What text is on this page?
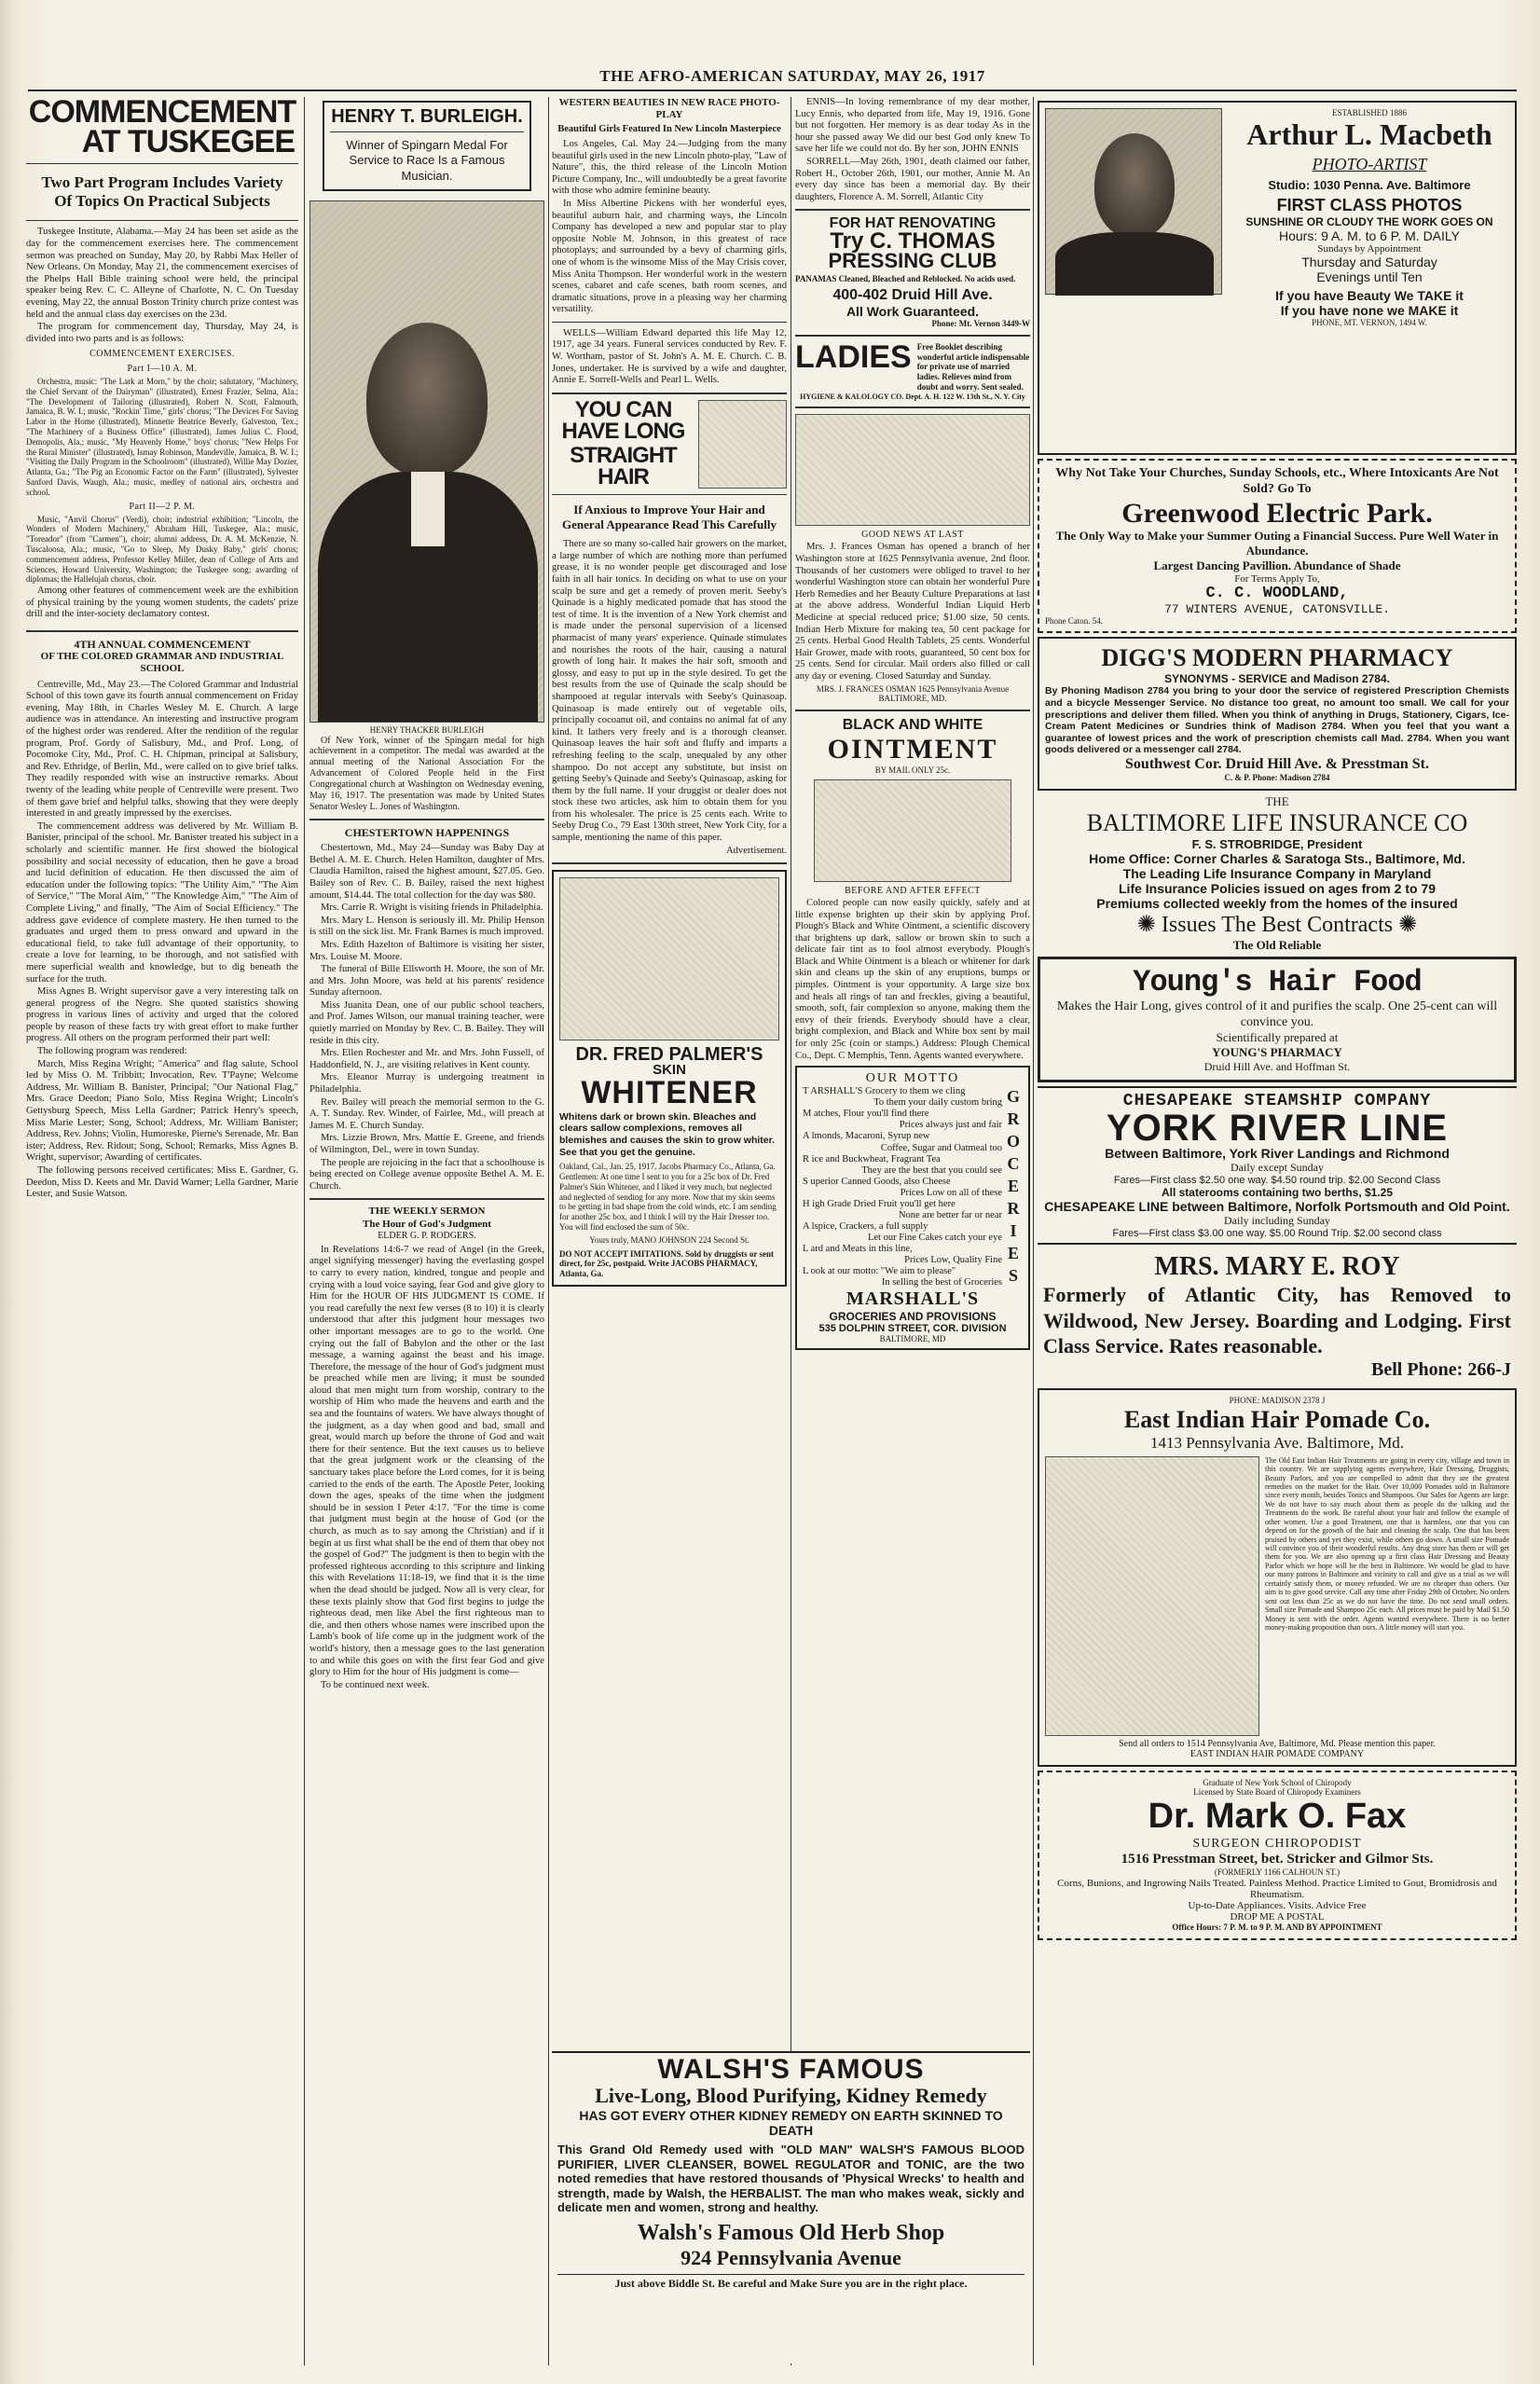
THE AFRO-AMERICAN SATURDAY, MAY 26, 1917
COMMENCEMENT
AT TUSKEGEE
Two Part Program Includes Variety Of Topics On Practical Subjects

Tuskegee Institute, Alabama.—May 24 has been set aside as the day for the commencement exercises here. The commencement sermon was preached on Sunday, May 20, by Rabbi Max Heller of New Orleans. On Monday, May 21, the commencement exercises of the Phelps Hall Bible training school were held, the principal speaker being Rev. C. C. Alleyne of Charlotte, N. C. On Tuesday evening, May 22, the annual Boston Trinity church prize contest was held and the annual class day exercises on the 23d.

The program for commencement day, Thursday, May 24, is divided into two parts and is as follows:

COMMENCEMENT EXERCISES.
Part I—10 A. M.

Orchestra, music: "The Lark at Morn," by the choir; salutatory, "Machinery, the Chief Servant of the Dairyman" (illustrated), Ernest Frazier, Selma, Ala.; "The Development of Tailoring (illustrated), Robert N. Scott, Falmouth, Jamaica, B. W. I.; music, "Rockin' Time," girls' chorus; "The Devices For Saving Labor in the Home (illustrated), Minnette Beatrice Beverly, Galveston, Tex.; "The Machinery of a Business Office" (illustrated), James Julius C. Flood, Demopolis, Ala.; music, "My Heavenly Home," boys' chorus; "New Helps For the Rural Minister" (illustrated), Ismay Robinson, Mandeville, Jamaica, B. W. I.; "Visiting the Daily Program in the Schoolroom" (illustrated), Willie May Dozier, Atlanta, Ga.; "The Pig an Economic Factor on the Farm" (illustrated), Sylvester Sanford Davis, Waugh, Ala.; music, medley of national airs, orchestra and school.

Part II—2 P. M.

Music, "Anvil Chorus" (Verdi), choir; industrial exhibition; "Lincoln, the Wonders of Modern Machinery," Abraham Hill, Tuskegee, Ala.; music, "Toreador" (from "Carmen"), choir; alumni address, Dr. A. M. McKenzie, N. Tuscaloosa, Ala.; music, "Go to Sleep, My Dusky Baby," girls' chorus; commencement address, Professor Kelley Miller, dean of College of Arts and Sciences, Howard University, Washington; the Tuskegee song; awarding of diplomas; the Hallelujah chorus, choir.

Among other features of commencement week are the exhibition of physical training by the young women students, the cadets' prize drill and the inter-society declamatory contest.

4TH ANNUAL COMMENCEMENT
OF THE COLORED GRAMMAR AND INDUSTRIAL SCHOOL

Centreville, Md., May 23.—The Colored Grammar and Industrial School of this town gave its fourth annual commencement on Friday evening, May 18th, in Charles Wesley M. E. Church. A large audience was in attendance. An interesting and instructive program of the highest order was rendered. After the rendition of the regular program, Prof. Gordy of Salisbury, Md., and Prof. Long, of Pocomoke City, Md., Prof. C. H. Chipman, principal at Salisbury, and Rev. Ethridge, of Berlin, Md., were called on to give brief talks. They readily responded with wise an instructive remarks. About twenty of the leading white people of Centreville were present. Two of them gave brief and helpful talks, showing that they were deeply interested in and greatly impressed by the exercises.

The commencement address was delivered by Mr. William B. Banister, principal of the school. Mr. Banister treated his subject in a scholarly and scientific manner. He first showed the biological possibility and social necessity of education, then he gave a broad and lucid definition of education. He then discussed the aim of education under the following topics: "The Utility Aim," "The Aim of Service," "The Moral Aim," "The Knowledge Aim," "The Aim of Complete Living," and finally, "The Aim of Social Efficiency." The address gave evidence of complete mastery. He then turned to the graduates and urged them to press onward and upward in the educational field, to take full advantage of their opportunity, to create a love for learning, to be thorough, and not satisfied with mere superficial wealth and knowledge, but to dig beneath the surface for the truth.

Miss Agnes B. Wright supervisor gave a very interesting talk on general progress of the Negro. She quoted statistics showing progress in various lines of activity and urged that the colored people by reason of these facts try with great effort to make further progress. All others on the program performed their part well:

The following program was rendered:

March, Miss Regina Wright; "America" and flag salute, School led by Miss O. M. Tribbitt; Invocation, Rev. T'Payne; Welcome Address, Mr. William B. Banister, Principal; "Our National Flag," Mrs. Grace Deedon; Piano Solo, Miss Regina Wright; Lincoln's Gettysburg Speech, Miss Lella Gardner; Patrick Henry's speech, Miss Marie Lester; Song, School; Address, Mr. William Banister; Address, Rev. Johns; Violin, Humoreske, Pierne's Serenade, Mr. Ban ister; Address, Rev. Ridout; Song, School; Remarks, Miss Agnes B. Wright, supervisor; Awarding of certificates.

The following persons received certificates: Miss E. Gardner, G. Deedon, Miss D. Keets and Mr. David Warner; Lella Gardner, Marie Lester, and Susie Watson.

HENRY T. BURLEIGH.
Winner of Spingarn Medal For Service to Race Is a Famous Musician.
HENRY THACKER BURLEIGH

Of New York, winner of the Spingarn medal for high achievement in a competitor. The medal was awarded at the annual meeting of the National Association For the Advancement of Colored People held in the First Congregational church at Washington on Wednesday evening, May 16, 1917. The presentation was made by United States Senator Wesley L. Jones of Washington.

CHESTERTOWN HAPPENINGS

Chestertown, Md., May 24—Sunday was Baby Day at Bethel A. M. E. Church. Helen Hamilton, daughter of Mrs. Claudia Hamilton, raised the highest amount, $27.05. Geo. Bailey son of Rev. C. B. Bailey, raised the next highest amount, $14.44. The total collection for the day was $80.

Mrs. Carrie R. Wright is visiting friends in Philadelphia.

Mrs. Mary L. Henson is seriously ill. Mr. Philip Henson is still on the sick list. Mr. Frank Barnes is much improved.

Mrs. Edith Hazelton of Baltimore is visiting her sister, Mrs. Louise M. Moore.

The funeral of Bille Ellsworth H. Moore, the son of Mr. and Mrs. John Moore, was held at his parents' residence Sunday afternoon.

Miss Juanita Dean, one of our public school teachers, and Prof. James Wilson, our manual training teacher, were quietly married on Monday by Rev. C. B. Bailey. They will reside in this city.

Mrs. Ellen Rochester and Mr. and Mrs. John Fussell, of Haddonfield, N. J., are visiting relatives in Kent county.

Mrs. Eleanor Murray is undergoing treatment in Philadelphia.

Rev. Bailey will preach the memorial sermon to the G. A. T. Sunday. Rev. Winder, of Fairlee, Md., will preach at James M. E. Church Sunday.

Mrs. Lizzie Brown, Mrs. Mattie E. Greene, and friends of Wilmington, Del., were in town Sunday.

The people are rejoicing in the fact that a schoolhouse is being erected on College avenue opposite Bethel A. M. E. Church.

THE WEEKLY SERMON
The Hour of God's Judgment
ELDER G. P. RODGERS.

In Revelations 14:6-7 we read of Angel (in the Greek, angel signifying messenger) having the everlasting gospel to carry to every nation, kindred, tongue and people and crying with a loud voice saying, fear God and give glory to Him for the HOUR OF HIS JUDGMENT IS COME. If you read carefully the next few verses (8 to 10) it is clearly understood that after this judgment hour messages two other important messages are to go to the world. One crying out the fall of Babylon and the other or the last message, a warning against the beast and his image. Therefore, the message of the hour of God's judgment must be preached while men are living; it must be sounded aloud that men might turn from worship, contrary to the worship of Him who made the heavens and earth and the sea and the fountains of waters. We have always thought of the judgment, as a day when good and bad, small and great, would march up before the throne of God and wait there for their sentence. But the text causes us to believe that the great judgment work or the cleansing of the sanctuary takes place before the Lord comes, for it is being carried to the ends of the earth. The Apostle Peter, looking down the ages, speaks of the time when the judgment should be in session I Peter 4:17. "For the time is come that judgment must begin at the house of God (or the church, as much as to say among the Christian) and if it begin at us first what shall be the end of them that obey not the gospel of God?" The judgment is then to begin with the professed righteous according to this scripture and linking this with Revelations 11:18-19, we find that it is the time when the dead should be judged. Now all is very clear, for these texts plainly show that God first begins to judge the righteous dead, men like Abel the first righteous man to die, and then others whose names were inscribed upon the Lamb's book of life come up in the judgment work of the world's history, then a message goes to the last generation to and while this goes on with the first fear God and give glory to Him for the hour of His judgment is come—

To be continued next week.

WESTERN BEAUTIES IN NEW RACE PHOTO-PLAY
Beautiful Girls Featured In New Lincoln Masterpiece

Los Angeles, Cal. May 24.—Judging from the many beautiful girls used in the new Lincoln photo-play, "Law of Nature", this, the third release of the Lincoln Motion Picture Company, Inc., will undoubtedly be a great favorite with those who admire feminine beauty.

In Miss Albertine Pickens with her wonderful eyes, beautiful auburn hair, and charming ways, the Lincoln Company has developed a new and popular star to play opposite Noble M. Johnson, in this greatest of race photoplays; and surrounded by a bevy of charming girls, one of whom is the winsome Miss of the May Crisis cover, Miss Anita Thompson. Her wonderful work in the western scenes, cabaret and cafe scenes, bath room scenes, and dramatic situations, prove in a pleasing way her charming versatility.

WELLS—William Edward departed this life May 12, 1917, age 34 years. Funeral services conducted by Rev. F. W. Wortham, pastor of St. John's A. M. E. Church. C. B. Jones, undertaker. He is survived by a wife and daughter, Annie E. Sorrell-Wells and Pearl L. Wells.

YOU CAN HAVE LONG
STRAIGHT HAIR
If Anxious to Improve Your Hair and General Appearance Read This Carefully

There are so many so-called hair growers on the market, a large number of which are nothing more than perfumed grease, it is no wonder people get discouraged and lose faith in all hair tonics. In deciding on what to use on your scalp be sure and get a remedy of proven merit. Seeby's Quinade is a highly medicated pomade that has stood the test of time. It is the invention of a New York chemist and is made under the personal supervision of a licensed pharmacist of many years' experience. Quinade stimulates and nourishes the roots of the hair, causing a natural growth of long hair. It makes the hair soft, smooth and glossy, and easy to put up in the style desired. To get the best results from the use of Quinade the scalp should be shampooed at regular intervals with Seeby's Quinasoap. Quinasoap is made entirely out of vegetable oils, principally cocoanut oil, and contains no animal fat of any kind. It lathers very freely and is a thorough cleanser. Quinasoap leaves the hair soft and fluffy and imparts a refreshing feeling to the scalp, unequaled by any other shampoo. Do not accept any substitute, but insist on getting Seeby's Quinade and Seeby's Quinasoap, asking for them by the full name. If your druggist or dealer does not stock these two articles, ask him to obtain them for you from his wholesaler. The price is 25 cents each. Write to Seeby Drug Co., 79 East 130th street, New York City, for a sample, mentioning the name of this paper.

Advertisement.
DR. FRED PALMER'S
SKIN
WHITENER
Whitens dark or brown skin. Bleaches and clears sallow complexions, removes all blemishes and causes the skin to grow whiter. See that you get the genuine.
Oakland, Cal., Jan. 25, 1917. Jacobs Pharmacy Co., Atlanta, Ga. Gentlemen: At one time I sent to you for a 25c box of Dr. Fred Palmer's Skin Whitener, and I liked it very much, but neglected and neglected of sending for any more. Now that my skin seems to be getting in bad shape from the cold winds, etc. I am sending for another 25c box, and I think I will try the Hair Dresser too. You will find enclosed the sum of 50c.
Yours truly, MANO JOHNSON 224 Second St.
DO NOT ACCEPT IMITATIONS. Sold by druggists or sent direct, for 25c, postpaid. Write JACOBS PHARMACY, Atlanta, Ga.

ENNIS—In loving remembrance of my dear mother, Lucy Ennis, who departed from life, May 19, 1916. Gone but not forgotten. Her memory is as dear today As in the hour she passed away We did our best God only knew To save her life we could not do. By her son, JOHN ENNIS

SORRELL—May 26th, 1901, death claimed our father, Robert H., October 26th, 1901, our mother, Annie M. An every day since has been a memorial day. By their daughters, Florence A. M. Sorrell, Atlantic City

FOR HAT RENOVATING
Try C. THOMAS
PRESSING CLUB
PANAMAS Cleaned, Bleached and Reblocked. No acids used.
400-402 Druid Hill Ave.
All Work Guaranteed.
Phone: Mt. Vernon 3449-W
LADIES Free Booklet describing wonderful article indispensable for private use of married ladies. Relieves mind from doubt and worry. Sent sealed.
HYGIENE & KALOLOGY CO. Dept. A. H. 122 W. 13th St., N. Y. City
GOOD NEWS AT LAST

Mrs. J. Frances Osman has opened a branch of her Washington store at 1625 Pennsylvania avenue, 2nd floor. Thousands of her customers were obliged to travel to her wonderful Washington store can obtain her wonderful Pure Herb Remedies and her Beauty Culture Preparations at last at the above address. Wonderful Indian Liquid Herb Medicine at special reduced price; $1.00 size, 50 cents. Indian Herb Mixture for making tea, 50 cent package for 25 cents. Herbal Good Health Tablets, 25 cents. Wonderful Hair Grower, made with roots, guaranteed, 50 cent box for 25 cents. Send for circular. Mail orders also filled or call any day or evening. Closed Saturday and Sunday.

MRS. J. FRANCES OSMAN 1625 Pennsylvania Avenue BALTIMORE, MD.
BLACK AND WHITE
OINTMENT
BY MAIL ONLY 25c.
BEFORE AND AFTER EFFECT

Colored people can now easily quickly, safely and at little expense brighten up their skin by applying Prof. Plough's Black and White Ointment, a scientific discovery that brightens up dark, sallow or brown skin to such a delicate fair tint as to fool almost everybody. Plough's Black and White Ointment is a bleach or whitener for dark skin and cleans up the skin of any eruptions, bumps or pimples. Ointment is your opportunity. A large size box and heals all rings of tan and freckles, giving a beautiful, smooth, soft, fair complexion so anyone, making them the envy of their friends. Everybody should have a clear, bright complexion, and Black and White box sent by mail for only 25c (coin or stamps.) Address: Plough Chemical Co., Dept. C Memphis, Tenn. Agents wanted everywhere.

OUR MOTTO
T ARSHALL'S Grocery to them we cling
To them your daily custom bring
M atches, Flour you'll find there
Prices always just and fair
A lmonds, Macaroni, Syrup new
Coffee, Sugar and Oatmeal too
R ice and Buckwheat, Fragrant Tea
They are the best that you could see
S uperior Canned Goods, also Cheese
Prices Low on all of these
H igh Grade Dried Fruit you'll get here
None are better far or near
A lspice, Crackers, a full supply
Let our Fine Cakes catch your eye
L ard and Meats in this line,
Prices Low, Quality Fine
L ook at our motto: "We aim to please"
In selling the best of Groceries GROCERIES
MARSHALL'S
GROCERIES AND PROVISIONS
535 DOLPHIN STREET, COR. DIVISION
BALTIMORE, MD
ESTABLISHED 1886
Arthur L. Macbeth
PHOTO-ARTIST
Studio: 1030 Penna. Ave. Baltimore
FIRST CLASS PHOTOS
SUNSHINE OR CLOUDY THE WORK GOES ON
Hours: 9 A. M. to 6 P. M. DAILY
Sundays by Appointment
Thursday and Saturday
Evenings until Ten
If you have Beauty We TAKE it
If you have none we MAKE it
PHONE, MT. VERNON, 1494 W.
Why Not Take Your Churches, Sunday Schools, etc., Where Intoxicants Are Not Sold? Go To
Greenwood Electric Park.
The Only Way to Make your Summer Outing a Financial Success. Pure Well Water in Abundance.
Largest Dancing Pavillion. Abundance of Shade
For Terms Apply To,
C. C. WOODLAND,
77 WINTERS AVENUE, CATONSVILLE.
Phone Caton. 54.
DIGG'S MODERN PHARMACY
SYNONYMS - SERVICE and Madison 2784.
By Phoning Madison 2784 you bring to your door the service of registered Prescription Chemists and a bicycle Messenger Service. No distance too great, no amount too small. We call for your prescriptions and deliver them filled. When you think of anything in Drugs, Stationery, Cigars, Ice-Cream Patent Medicines or Sundries think of Madison 2784. When you feel that you want a guarantee of lowest prices and the work of prescription chemists call Mad. 2784. When you want goods delivered or a messenger call 2784.
Southwest Cor. Druid Hill Ave. & Presstman St.
C. & P. Phone: Madison 2784
THE
BALTIMORE LIFE INSURANCE CO
F. S. STROBRIDGE, President
Home Office: Corner Charles & Saratoga Sts., Baltimore, Md.
The Leading Life Insurance Company in Maryland
Life Insurance Policies issued on ages from 2 to 79
Premiums collected weekly from the homes of the insured
✺ Issues The Best Contracts ✺
The Old Reliable
Young's Hair Food
Makes the Hair Long, gives control of it and purifies the scalp. One 25-cent can will convince you.
Scientifically prepared at
YOUNG'S PHARMACY
Druid Hill Ave. and Hoffman St.
CHESAPEAKE STEAMSHIP COMPANY
YORK RIVER LINE
Between Baltimore, York River Landings and Richmond
Daily except Sunday
Fares—First class $2.50 one way. $4.50 round trip. $2.00 Second Class
All staterooms containing two berths, $1.25
CHESAPEAKE LINE between Baltimore, Norfolk Portsmouth and Old Point.
Daily including Sunday
Fares—First class $3.00 one way. $5.00 Round Trip. $2.00 second class
MRS. MARY E. ROY
Formerly of Atlantic City, has Removed to Wildwood, New Jersey. Boarding and Lodging. First Class Service. Rates reasonable.
Bell Phone: 266-J
PHONE: MADISON 2378 J
East Indian Hair Pomade Co.
1413 Pennsylvania Ave. Baltimore, Md.
The Old East Indian Hair Treatments are going in every city, village and town in this country. We are supplying agents everywhere, Hair Dressing, Druggists, Beauty Parlors, and you are compelled to admit that they are the greatest remedies on the market for the Hair. Over 10,000 Pomades sold in Baltimore since every month, besides Tonics and Shampoos. Our Sales for Agents are large. We do not have to say much about them as people do the talking and the Treatments do the work. Be careful about your hair and follow the example of other women. Use a good Treatment, one that is harmless, one that you can depend on for the growth of the hair and cleaning the scalp. One that has been praised by others and yet they exist, while others go down. A small size Pomade will convince you of their wonderful results. Any drug store has them or will get them for you. We are also opening up a first class Hair Dressing and Beauty Parlor which we hope will be the best in Baltimore. We would be glad to have our many patrons in Baltimore and vicinity to call and give us a trial as we will certainly satisfy them, or money refunded. We are no cheaper than others. Our aim is to give good service. Call any time after Friday 29th of October. No orders sent out less than 25c as we do not have the time. Do not send small orders. Small size Pomade and Shampoo 25c each. All prices must be paid by Mail $1.50 Money is sent with the order. Agents wanted everywhere. There is no better money-making proposition than ours. A little money will start you.
Send all orders to 1514 Pennsylvania Ave, Baltimore, Md. Please mention this paper.
EAST INDIAN HAIR POMADE COMPANY
Graduate of New York School of Chiropody
Licensed by State Board of Chiropody Examiners
Dr. Mark O. Fax
SURGEON CHIROPODIST
1516 Presstman Street, bet. Stricker and Gilmor Sts.
(FORMERLY 1166 CALHOUN ST.)
Corns, Bunions, and Ingrowing Nails Treated. Painless Method. Practice Limited to Gout, Bromidrosis and Rheumatism.
Up-to-Date Appliances. Visits. Advice Free
DROP ME A POSTAL
Office Hours: 7 P. M. to 9 P. M. AND BY APPOINTMENT
WALSH'S FAMOUS
Live-Long, Blood Purifying, Kidney Remedy
HAS GOT EVERY OTHER KIDNEY REMEDY ON EARTH SKINNED TO DEATH
This Grand Old Remedy used with "OLD MAN" WALSH'S FAMOUS BLOOD PURIFIER, LIVER CLEANSER, BOWEL REGULATOR and TONIC, are the two noted remedies that have restored thousands of 'Physical Wrecks' to health and strength, made by Walsh, the HERBALIST. The man who makes weak, sickly and delicate men and women, strong and healthy.
Walsh's Famous Old Herb Shop
924 Pennsylvania Avenue
Just above Biddle St. Be careful and Make Sure you are in the right place.
